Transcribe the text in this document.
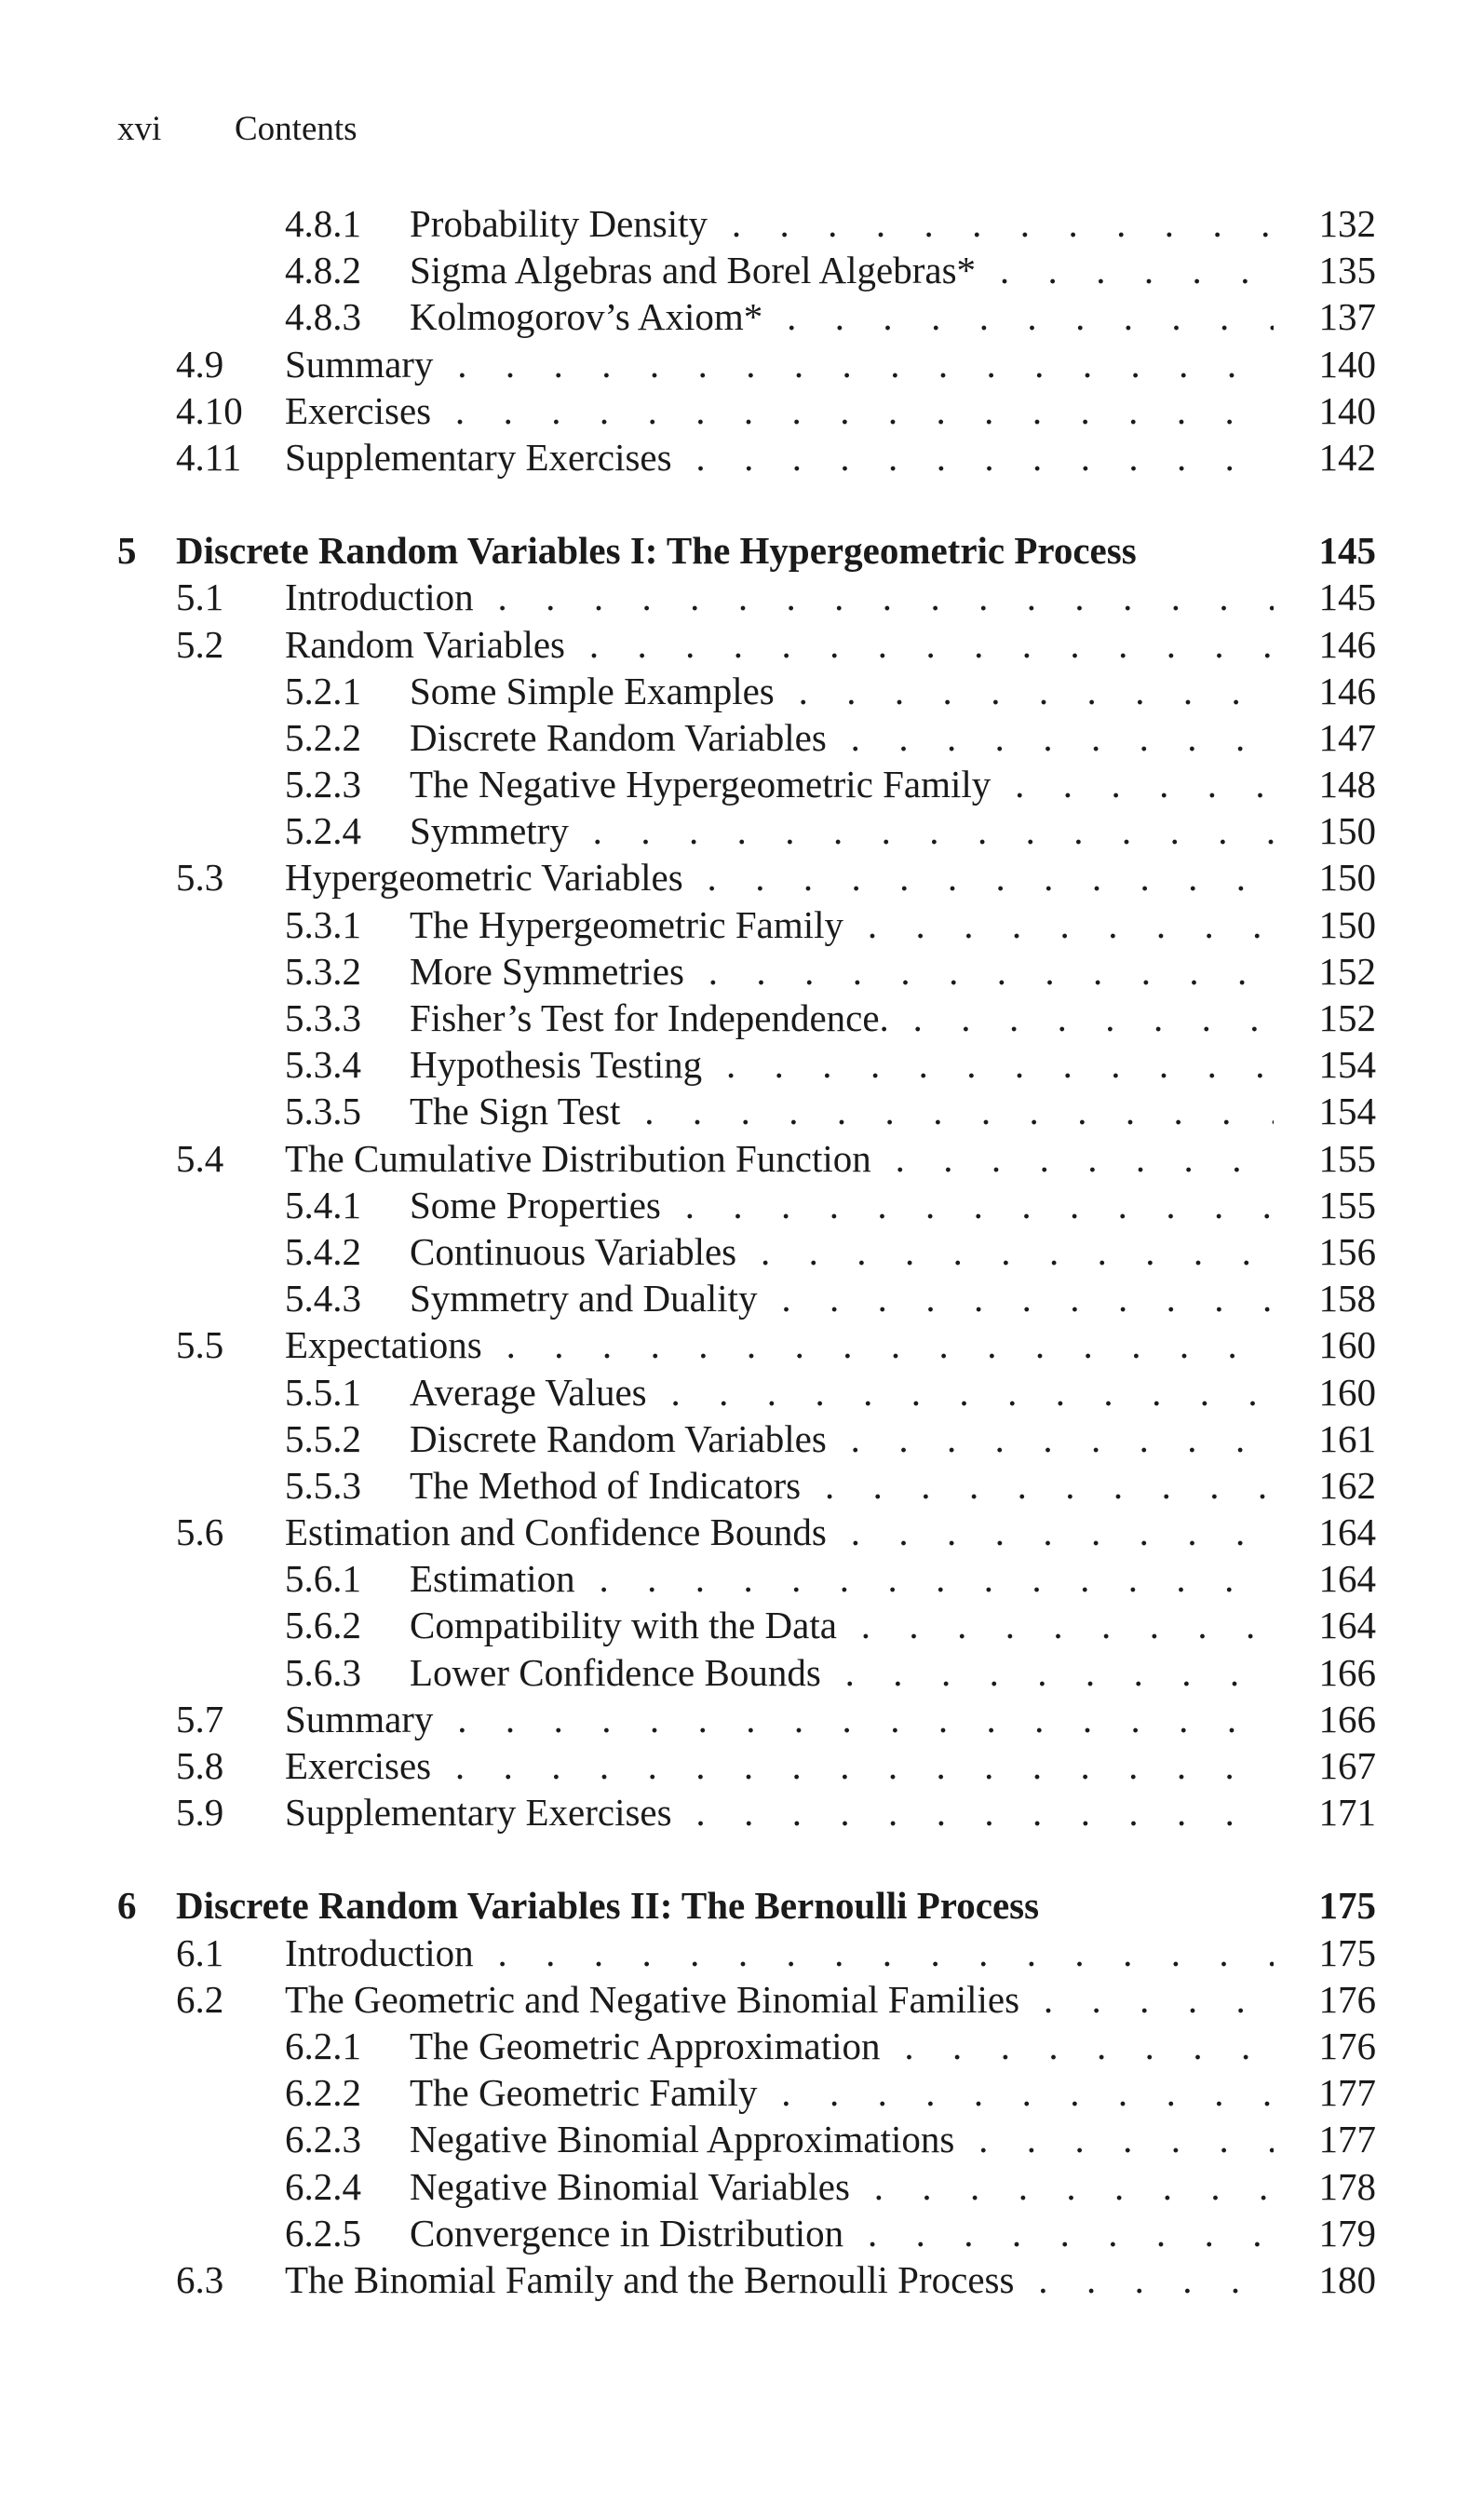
xvi Contents
4.8.1 Probability Density . . .	132
4.8.2 Sigma Algebras and Borel Algebras* . . .	135
4.8.3 Kolmogorov’s Axiom* . . .	137
4.9 Summary . . .	140
4.10 Exercises . . .	140
4.11 Supplementary Exercises . . .	142
5 Discrete Random Variables I: The Hypergeometric Process	145
5.1 Introduction . . .	145
5.2 Random Variables . . .	146
5.2.1 Some Simple Examples . . .	146
5.2.2 Discrete Random Variables . . .	147
5.2.3 The Negative Hypergeometric Family . . .	148
5.2.4 Symmetry . . .	150
5.3 Hypergeometric Variables . . .	150
5.3.1 The Hypergeometric Family . . .	150
5.3.2 More Symmetries . . .	152
5.3.3 Fisher’s Test for Independence. . . .	152
5.3.4 Hypothesis Testing . . .	154
5.3.5 The Sign Test . . .	154
5.4 The Cumulative Distribution Function . . .	155
5.4.1 Some Properties . . .	155
5.4.2 Continuous Variables . . .	156
5.4.3 Symmetry and Duality . . .	158
5.5 Expectations . . .	160
5.5.1 Average Values . . .	160
5.5.2 Discrete Random Variables . . .	161
5.5.3 The Method of Indicators . . .	162
5.6 Estimation and Confidence Bounds . . .	164
5.6.1 Estimation . . .	164
5.6.2 Compatibility with the Data . . .	164
5.6.3 Lower Confidence Bounds . . .	166
5.7 Summary . . .	166
5.8 Exercises . . .	167
5.9 Supplementary Exercises . . .	171
6 Discrete Random Variables II: The Bernoulli Process	175
6.1 Introduction . . .	175
6.2 The Geometric and Negative Binomial Families . . .	176
6.2.1 The Geometric Approximation . . .	176
6.2.2 The Geometric Family . . .	177
6.2.3 Negative Binomial Approximations . . .	177
6.2.4 Negative Binomial Variables . . .	178
6.2.5 Convergence in Distribution . . .	179
6.3 The Binomial Family and the Bernoulli Process . . .	180
